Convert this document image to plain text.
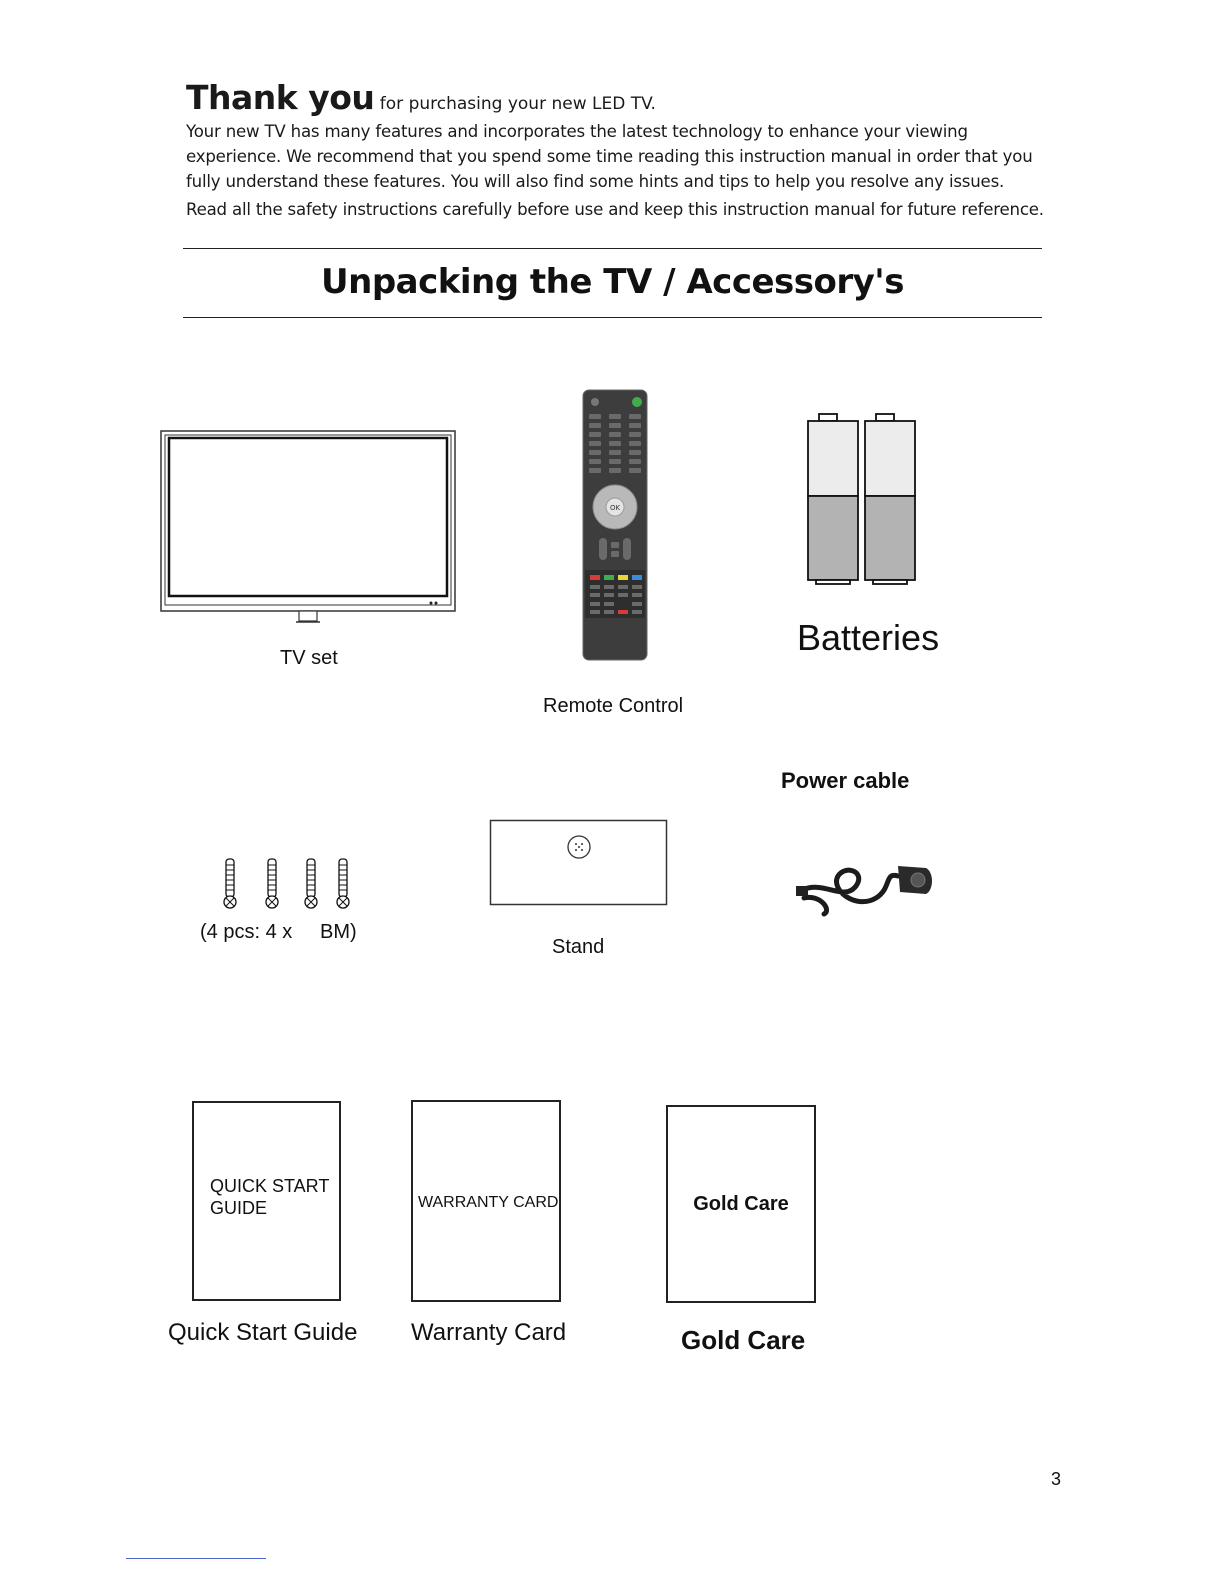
Thank you for purchasing your new LED TV.

Your new TV has many features and incorporates the latest technology to enhance your viewing

experience. We recommend that you spend some time reading this instruction manual in order that you

fully understand these features. You will also find some hints and tips to help you resolve any issues.

Read all the safety instructions carefully before use and keep this instruction manual for future reference.

Unpacking the TV / Accessory's
TV set
OK
Remote Control
Batteries
Power cable
(4 pcs: 4 x     BM)
Stand
QUICK START GUIDE
Quick Start Guide
WARRANTY CARD
Warranty Card
Gold Care
Gold Care
3
